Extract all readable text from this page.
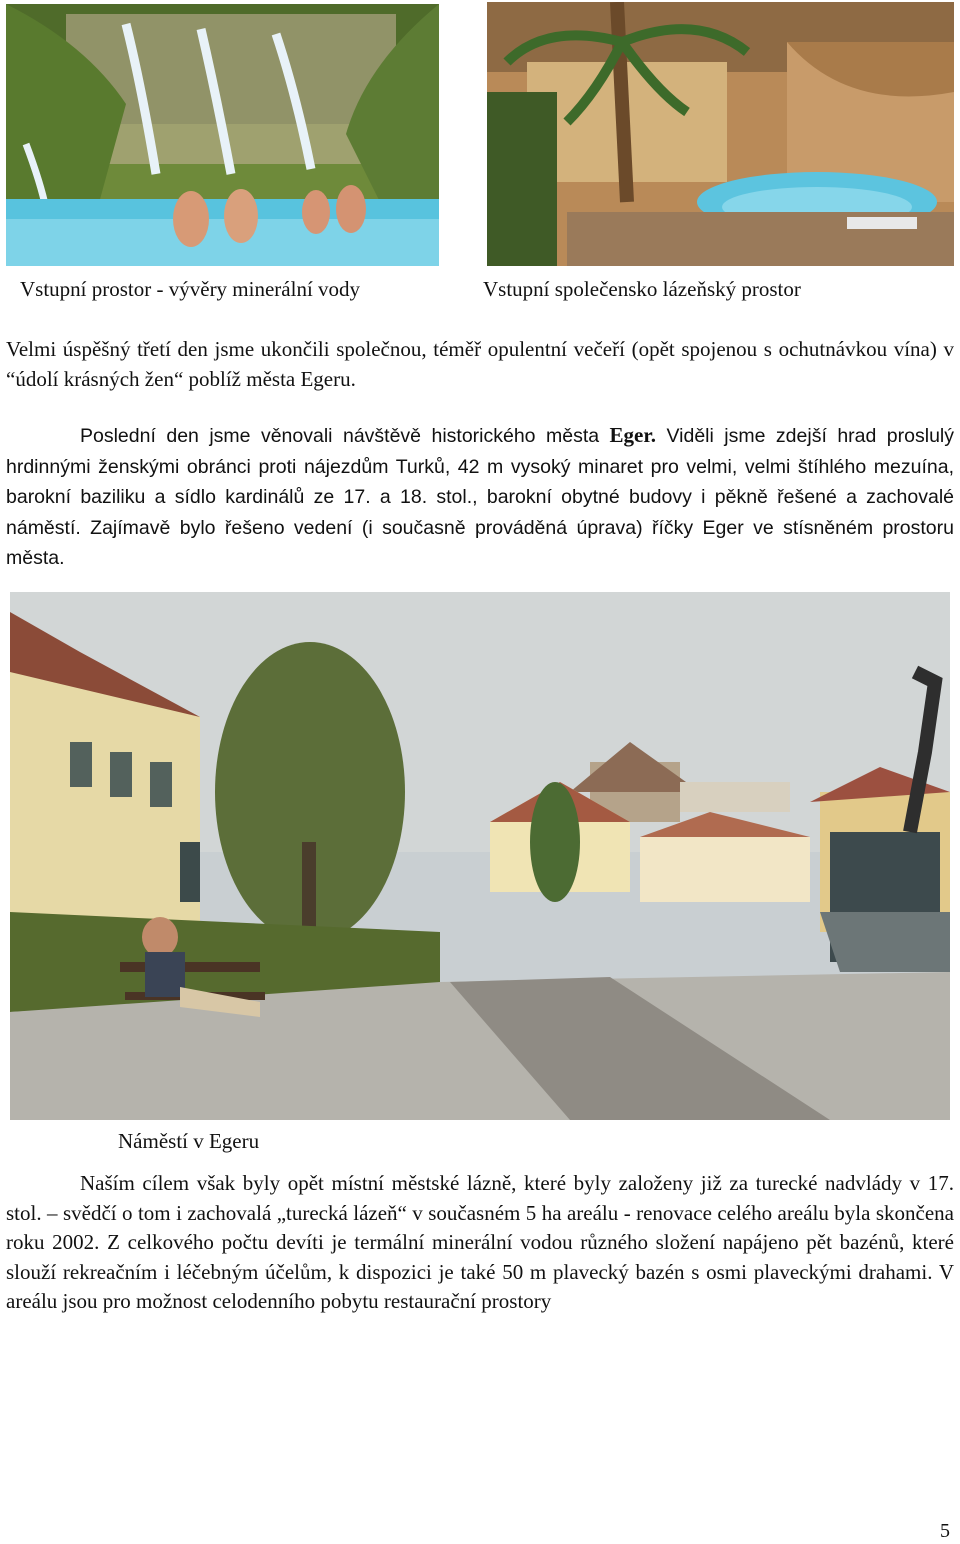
Vstupní prostor - vývěry minerální vody	Vstupní společensko lázeňský prostor
Velmi úspěšný třetí den jsme ukončili společnou, téměř opulentní večeří (opět spojenou s ochutnávkou vína) v “údolí krásných žen“ poblíž města Egeru.
Poslední den jsme věnovali návštěvě historického města Eger. Viděli jsme zdejší hrad proslulý hrdinnými ženskými obránci proti nájezdům Turků, 42 m vysoký minaret pro velmi, velmi štíhlého mezuína, barokní baziliku a sídlo kardinálů ze 17. a 18. stol., barokní obytné budovy i pěkně řešené a zachovalé náměstí. Zajímavě bylo řešeno vedení (i současně prováděná úprava) říčky Eger ve stísněném prostoru města.
Náměstí v Egeru
Naším cílem však byly opět místní městské lázně, které byly založeny již za turecké nadvlády v 17. stol. – svědčí o tom i zachovalá „turecká lázeň“ v současném 5 ha areálu - renovace celého areálu byla skončena roku 2002. Z celkového počtu devíti je termální minerální vodou různého složení napájeno pět bazénů, které slouží rekreačním i léčebným účelům, k dispozici je také 50 m plavecký bazén s osmi plaveckými drahami. V areálu jsou pro možnost celodenního pobytu restaurační prostory
5
